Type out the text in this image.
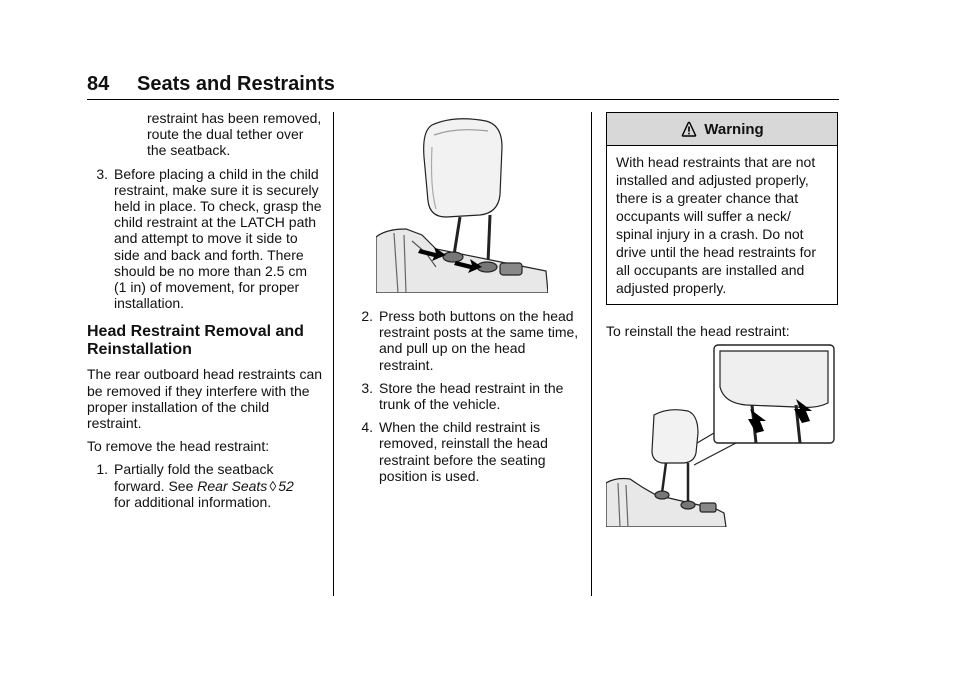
84 Seats and Restraints
restraint has been removed, route the dual tether over the seatback.
3. Before placing a child in the child restraint, make sure it is securely held in place. To check, grasp the child restraint at the LATCH path and attempt to move it side to side and back and forth. There should be no more than 2.5 cm (1 in) of movement, for proper installation.
Head Restraint Removal and Reinstallation
The rear outboard head restraints can be removed if they interfere with the proper installation of the child restraint.
To remove the head restraint:
1. Partially fold the seatback forward. See Rear Seats ◊ 52
for additional information.
2. Press both buttons on the head restraint posts at the same time, and pull up on the head restraint.
3. Store the head restraint in the trunk of the vehicle.
4. When the child restraint is removed, reinstall the head restraint before the seating position is used.
Warning
With head restraints that are not installed and adjusted properly, there is a greater chance that occupants will suffer a neck/ spinal injury in a crash. Do not drive until the head restraints for all occupants are installed and adjusted properly.
To reinstall the head restraint:
